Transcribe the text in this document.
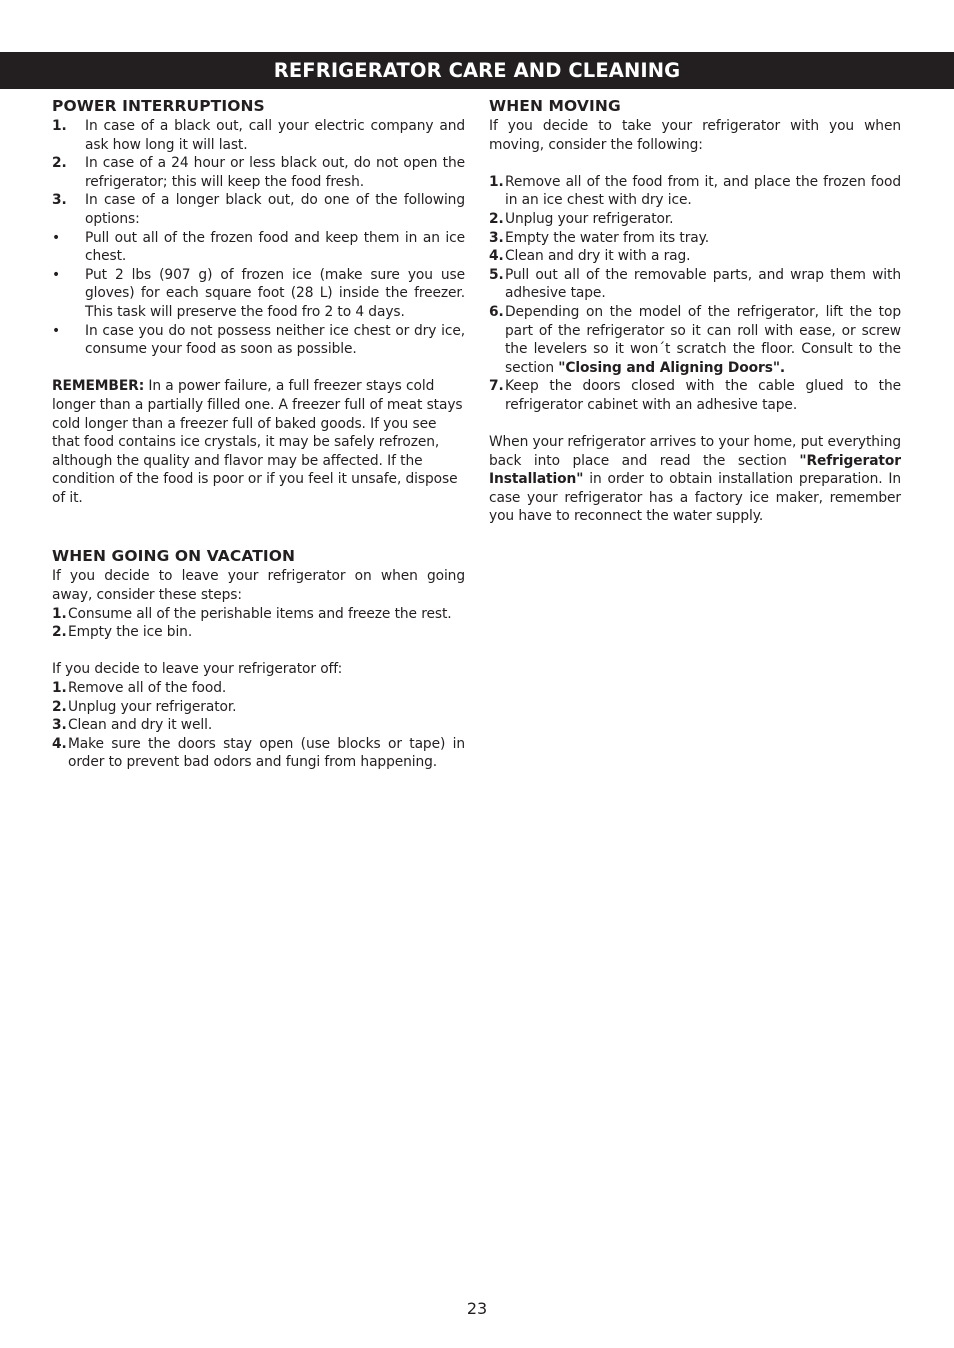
REFRIGERATOR CARE AND CLEANING
POWER INTERRUPTIONS
1.	In case of a black out, call your electric company and ask how long it will last.
2.	In case of a 24 hour or less black out, do not open the refrigerator; this will keep the food fresh.
3.	In case of a longer black out, do one of the following options:
•	Pull out all of the frozen food and keep them in an ice chest.
•	Put 2 lbs (907 g) of frozen ice (make sure you use gloves) for each square foot (28 L) inside the freezer. This task will preserve the food fro 2 to 4 days.
•	In case you do not possess neither ice chest or dry ice, consume your food as soon as possible.

REMEMBER: In a power failure, a full freezer stays cold longer than a partially filled one. A freezer full of meat stays cold longer than a freezer full of baked goods. If you see that food contains ice crystals, it may be safely refrozen, although the quality and flavor may be affected. If the condition of the food is poor or if you feel it unsafe, dispose of it.

WHEN GOING ON VACATION

If you decide to leave your refrigerator on when going away, consider these steps:

1. Consume all of the perishable items and freeze the rest.
2. Empty the ice bin.

If you decide to leave your refrigerator off:

1. Remove all of the food.
2. Unplug your refrigerator.
3. Clean and dry it well.
4. Make sure the doors stay open (use blocks or tape) in order to prevent bad odors and fungi from happening.
WHEN MOVING

If you decide to take your refrigerator with you when moving, consider the following:

1. Remove all of the food from it, and place the frozen food in an ice chest with dry ice.
2. Unplug your refrigerator.
3. Empty the water from its tray.
4. Clean and dry it with a rag.
5. Pull out all of the removable parts, and wrap them with adhesive tape.
6. Depending on the model of the refrigerator, lift the top part of the refrigerator so it can roll with ease, or screw the levelers so it won´t scratch the floor. Consult to the section "Closing and Aligning Doors".
7. Keep the doors closed with the cable glued to the refrigerator cabinet with an adhesive tape.

When your refrigerator arrives to your home, put everything back into place and read the section "Refrigerator Installation" in order to obtain installation preparation. In case your refrigerator has a factory ice maker, remember you have to reconnect the water supply.

23
